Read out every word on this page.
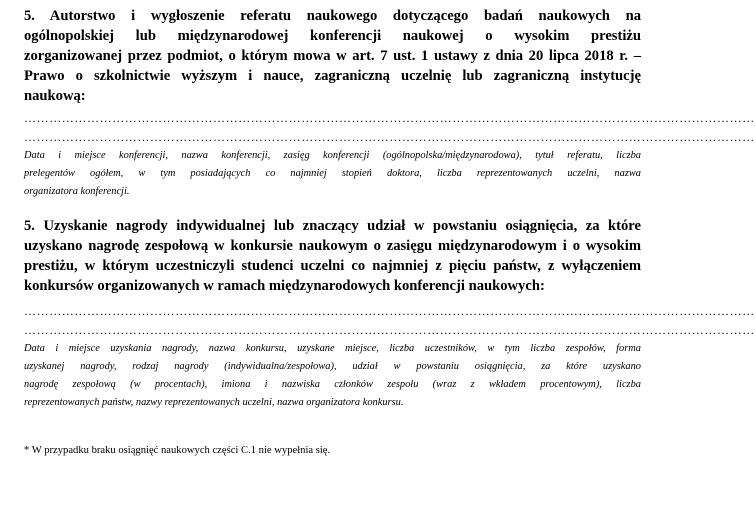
5. Autorstwo i wygłoszenie referatu naukowego dotyczącego badań naukowych na
ogólnopolskiej lub międzynarodowej konferencji naukowej o wysokim prestiżu
zorganizowanej przez podmiot, o którym mowa w art. 7 ust. 1 ustawy z dnia 20 lipca 2018 r. –
Prawo o szkolnictwie wyższym i nauce, zagraniczną uczelnię lub zagraniczną instytucję
naukową:
…………………………………………………………………………………………………………………………………………………………
…………………………………………………………………………………………………………………………………………………………
Data i miejsce konferencji, nazwa konferencji, zasięg konferencji (ogólnopolska/międzynarodowa), tytuł referatu, liczba
prelegentów ogółem, w tym posiadających co najmniej stopień doktora, liczba reprezentowanych uczelni, nazwa
organizatora konferencji.
5. Uzyskanie nagrody indywidualnej lub znaczący udział w powstaniu osiągnięcia, za które
uzyskano nagrodę zespołową w konkursie naukowym o zasięgu międzynarodowym i o wysokim
prestiżu, w którym uczestniczyli studenci uczelni co najmniej z pięciu państw, z wyłączeniem
konkursów organizowanych w ramach międzynarodowych konferencji naukowych:
…………………………………………………………………………………………………………………………………………………………
…………………………………………………………………………………………………………………………………………………………
Data i miejsce uzyskania nagrody, nazwa konkursu, uzyskane miejsce, liczba uczestników, w tym liczba zespołów, forma
uzyskanej nagrody, rodzaj nagrody (indywidualna/zespołowa), udział w powstaniu osiągnięcia, za które uzyskano
nagrodę zespołową (w procentach), imiona i nazwiska członków zespołu (wraz z wkładem procentowym), liczba
reprezentowanych państw, nazwy reprezentowanych uczelni, nazwa organizatora konkursu.
* W przypadku braku osiągnięć naukowych części C.1 nie wypełnia się.
